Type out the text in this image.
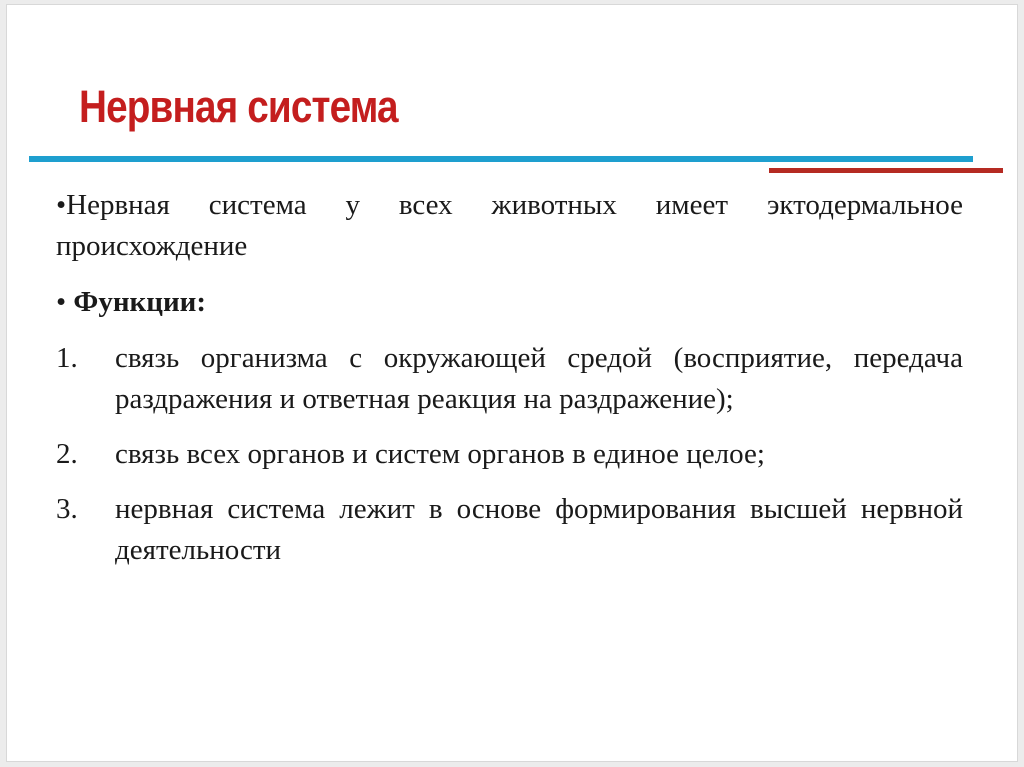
Нервная система

•Нервная система у всех животных имеет эктодермальное происхождение

• Функции:

1.	связь организма с окружающей средой (восприятие, передача раздражения и ответная реакция на раздражение);
2.	связь всех органов и систем органов в единое целое;
3.	нервная система лежит в основе формирования высшей нервной деятельности
